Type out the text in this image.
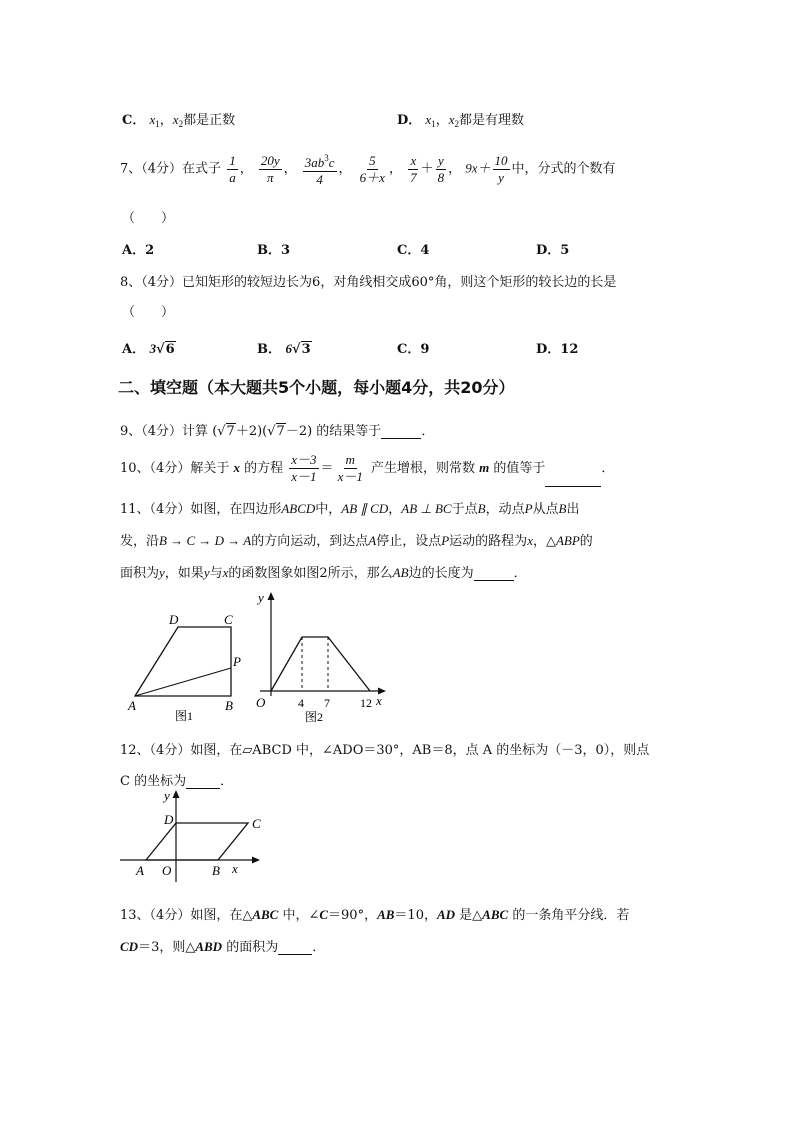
C． $x_1$，$x_2$都是正数	D． $x_1$，$x_2$都是有理数
7、（4分）在式子 $\frac{1}{a}$ ， $\frac{20y}{\pi}$ ， $\frac{3ab^3c}{4}$ ， $\frac{5}{6+x}$ ， $\frac{x}{7} + \frac{y}{8}$ ， $9x+ \frac{10}{y}$ 中，分式的个数有
（　　）
A．2	B．3	C．4	D．5
8、（4分）已知矩形的较短边长为6，对角线相交成60°角，则这个矩形的较长边的长是
（　　）
A． 3√6	B． 6√3	C．9	D．12
二、填空题（本大题共5个小题，每小题4分，共20分）
9、（4分）计算 (√7＋2)(√7－2) 的结果等于	．
10、（4分）解关于 x 的方程 $\frac{x-3}{x-1} = \frac{m}{x-1}$ 产生增根，则常数 m 的值等于	．
11、（4分）如图，在四边形ABCD中，AB ∥ CD，AB ⊥ BC于点B，动点P从点B出
发，沿B → C → D → A的方向运动，到达点A停止，设点P运动的路程为x，△ABP的
面积为y，如果y与x的函数图象如图2所示，那么AB边的长度为	．
D	C
P
A	B
图1
y
O	4 7	12 x
图2
12、（4分）如图，在▱ABCD 中，∠ADO＝30°，AB＝8，点 A 的坐标为（－3，0），则点
C 的坐标为	．
y
D	C
A O	B x
13、（4分）如图，在△ABC 中，∠C＝90°，AB＝10，AD 是△ABC 的一条角平分线．若
CD＝3，则△ABD 的面积为	．
